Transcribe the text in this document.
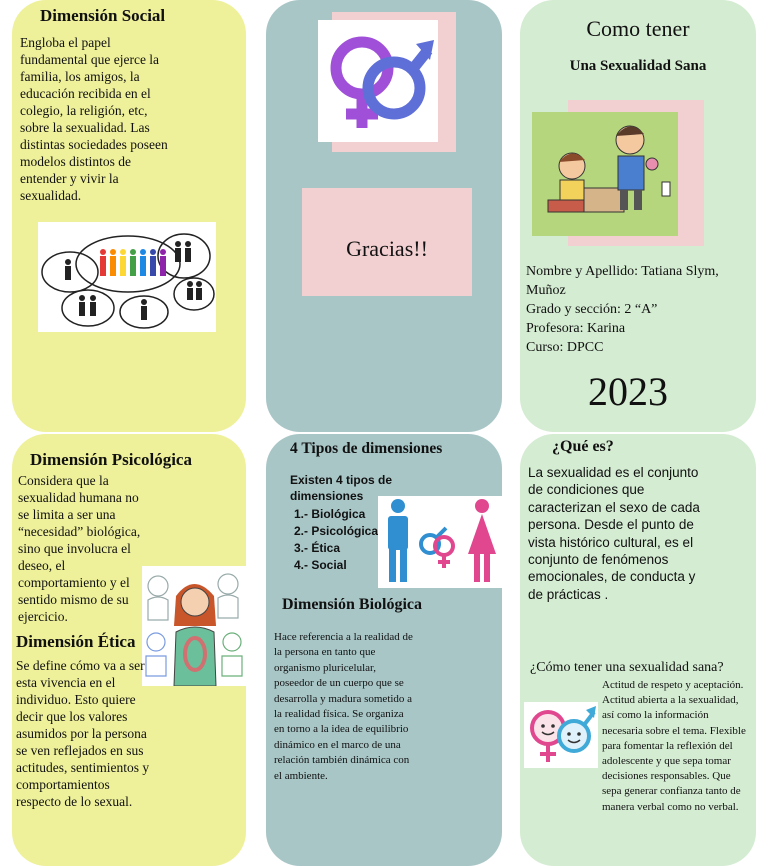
Dimensión Social
Engloba el papel fundamental que ejerce la familia, los amigos, la educación recibida en el colegio, la religión, etc, sobre la sexualidad. Las distintas sociedades poseen modelos distintos de entender y vivir la sexualidad.
Gracias!!
Como tener
Una Sexualidad Sana
Nombre y Apellido: Tatiana Slym, Muñoz
Grado y sección: 2 “A”
Profesora: Karina
Curso: DPCC
2023
Dimensión Psicológica
Considera que la sexualidad humana no se limita a ser una “necesidad” biológica, sino que involucra el deseo, el comportamiento y el sentido mismo de su ejercicio.
Dimensión Ética
Se define cómo va a ser esta vivencia en el individuo. Esto quiere decir que los valores asumidos por la persona se ven reflejados en sus actitudes, sentimientos y comportamientos respecto de lo sexual.
4 Tipos de dimensiones
Existen 4 tipos de dimensiones
1.- Biológica
2.- Psicológica
3.- Ética
4.- Social
Dimensión Biológica
Hace referencia a la realidad de la persona en tanto que organismo pluricelular, poseedor de un cuerpo que se desarrolla y madura sometido a la realidad física. Se organiza en torno a la idea de equilibrio dinámico en el marco de una relación también dinámica con el ambiente.
¿Qué es?
La sexualidad es el conjunto de condiciones que caracterizan el sexo de cada persona. Desde el punto de vista histórico cultural, es el conjunto de fenómenos emocionales, de conducta y de prácticas .
¿Cómo tener una sexualidad sana?
Actitud de respeto y aceptación. Actitud abierta a la sexualidad, así como la información necesaria sobre el tema. Flexible para fomentar la reflexión del adolescente y que sepa tomar decisiones responsables. Que sepa generar confianza tanto de manera verbal como no verbal.
